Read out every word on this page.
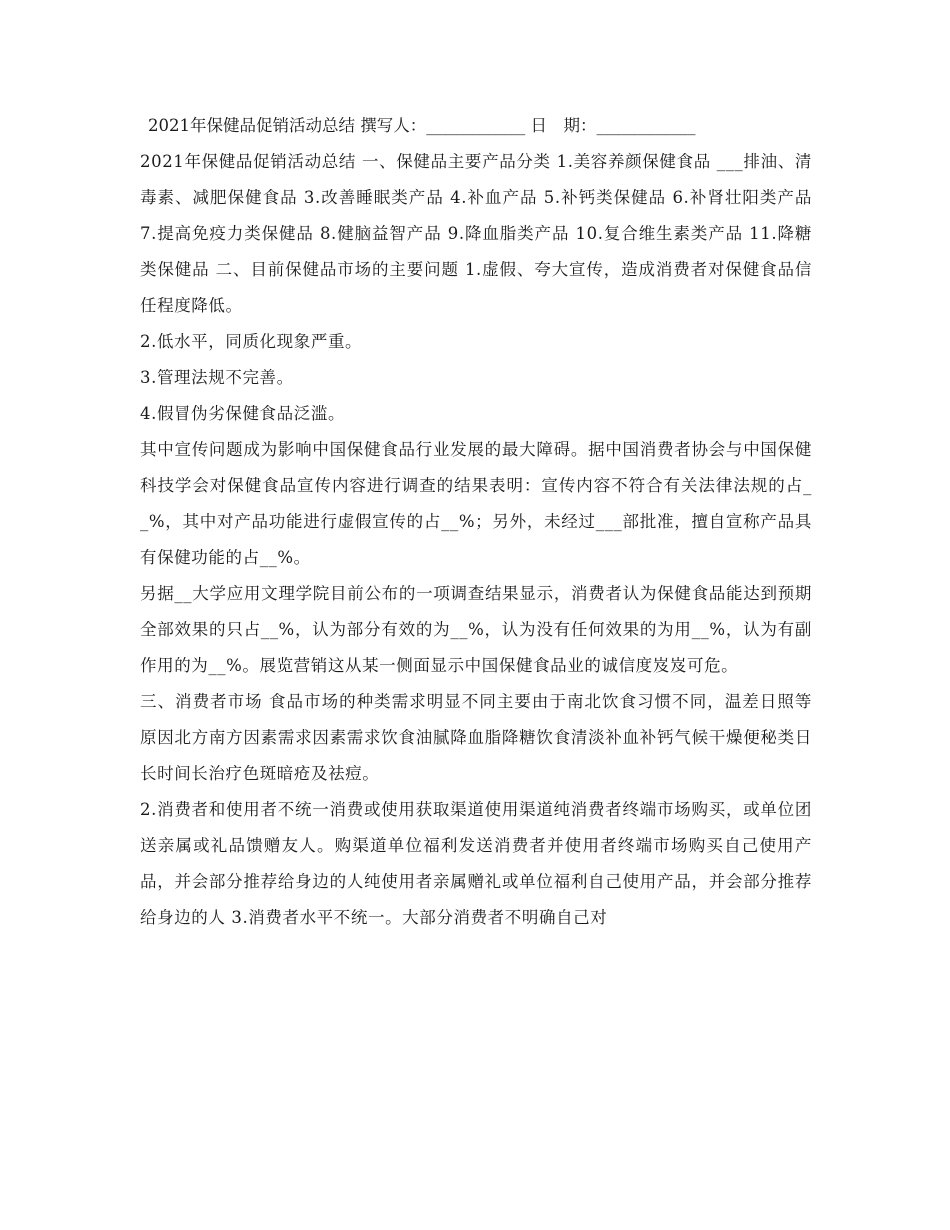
2021年保健品促销活动总结 撰写人：____________ 日　期：____________

2021年保健品促销活动总结 一、保健品主要产品分类 1.美容养颜保健食品 ___排油、清毒素、减肥保健食品 3.改善睡眠类产品 4.补血产品 5.补钙类保健品 6.补肾壮阳类产品 7.提高免疫力类保健品 8.健脑益智产品 9.降血脂类产品 10.复合维生素类产品 11.降糖类保健品 二、目前保健品市场的主要问题 1.虚假、夸大宣传，造成消费者对保健食品信任程度降低。

2.低水平，同质化现象严重。

3.管理法规不完善。

4.假冒伪劣保健食品泛滥。

其中宣传问题成为影响中国保健食品行业发展的最大障碍。据中国消费者协会与中国保健科技学会对保健食品宣传内容进行调查的结果表明：宣传内容不符合有关法律法规的占__%，其中对产品功能进行虚假宣传的占__%；另外，未经过___部批准，擅自宣称产品具有保健功能的占__%。

另据__大学应用文理学院目前公布的一项调查结果显示，消费者认为保健食品能达到预期全部效果的只占__%，认为部分有效的为__%，认为没有任何效果的为用__%，认为有副作用的为__%。展览营销这从某一侧面显示中国保健食品业的诚信度岌岌可危。

三、消费者市场 食品市场的种类需求明显不同主要由于南北饮食习惯不同，温差日照等原因北方南方因素需求因素需求饮食油腻降血脂降糖饮食清淡补血补钙气候干燥便秘类日长时间长治疗色斑暗疮及祛痘。

2.消费者和使用者不统一消费或使用获取渠道使用渠道纯消费者终端市场购买，或单位团送亲属或礼品馈赠友人。购渠道单位福利发送消费者并使用者终端市场购买自己使用产品，并会部分推荐给身边的人纯使用者亲属赠礼或单位福利自己使用产品，并会部分推荐给身边的人 3.消费者水平不统一。大部分消费者不明确自己对
